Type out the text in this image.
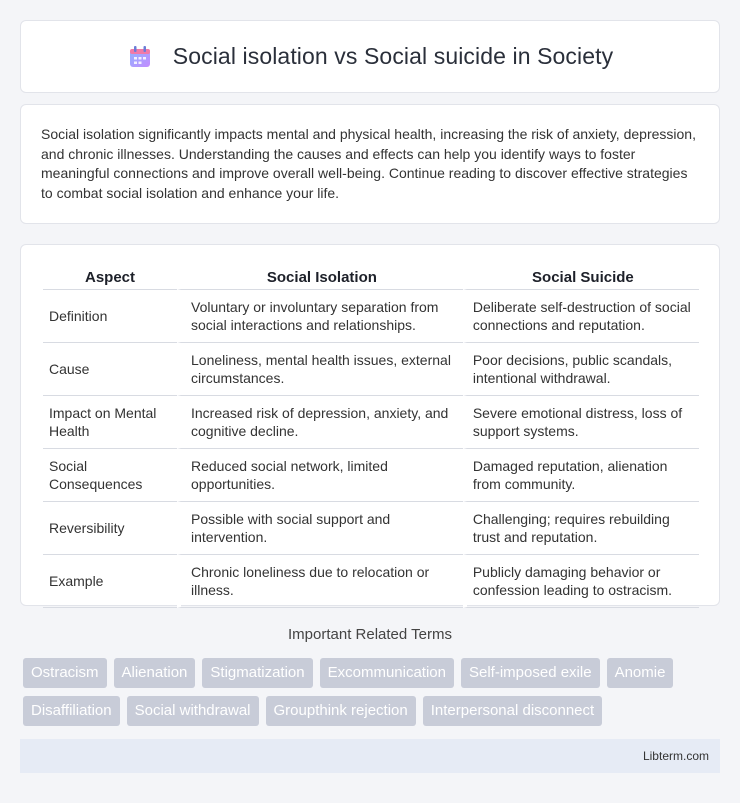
Social isolation vs Social suicide in Society

Social isolation significantly impacts mental and physical health, increasing the risk of anxiety, depression, and chronic illnesses. Understanding the causes and effects can help you identify ways to foster meaningful connections and improve overall well-being. Continue reading to discover effective strategies to combat social isolation and enhance your life.

Aspect	Social Isolation	Social Suicide
Definition	Voluntary or involuntary separation from social interactions and relationships.	Deliberate self-destruction of social connections and reputation.
Cause	Loneliness, mental health issues, external circumstances.	Poor decisions, public scandals, intentional withdrawal.
Impact on Mental Health	Increased risk of depression, anxiety, and cognitive decline.	Severe emotional distress, loss of support systems.
Social Consequences	Reduced social network, limited opportunities.	Damaged reputation, alienation from community.
Reversibility	Possible with social support and intervention.	Challenging; requires rebuilding trust and reputation.
Example	Chronic loneliness due to relocation or illness.	Publicly damaging behavior or confession leading to ostracism.
Important Related Terms
Ostracism	Alienation	Stigmatization	Excommunication	Self-imposed exile	Anomie
Disaffiliation	Social withdrawal	Groupthink rejection	Interpersonal disconnect
Libterm.com
